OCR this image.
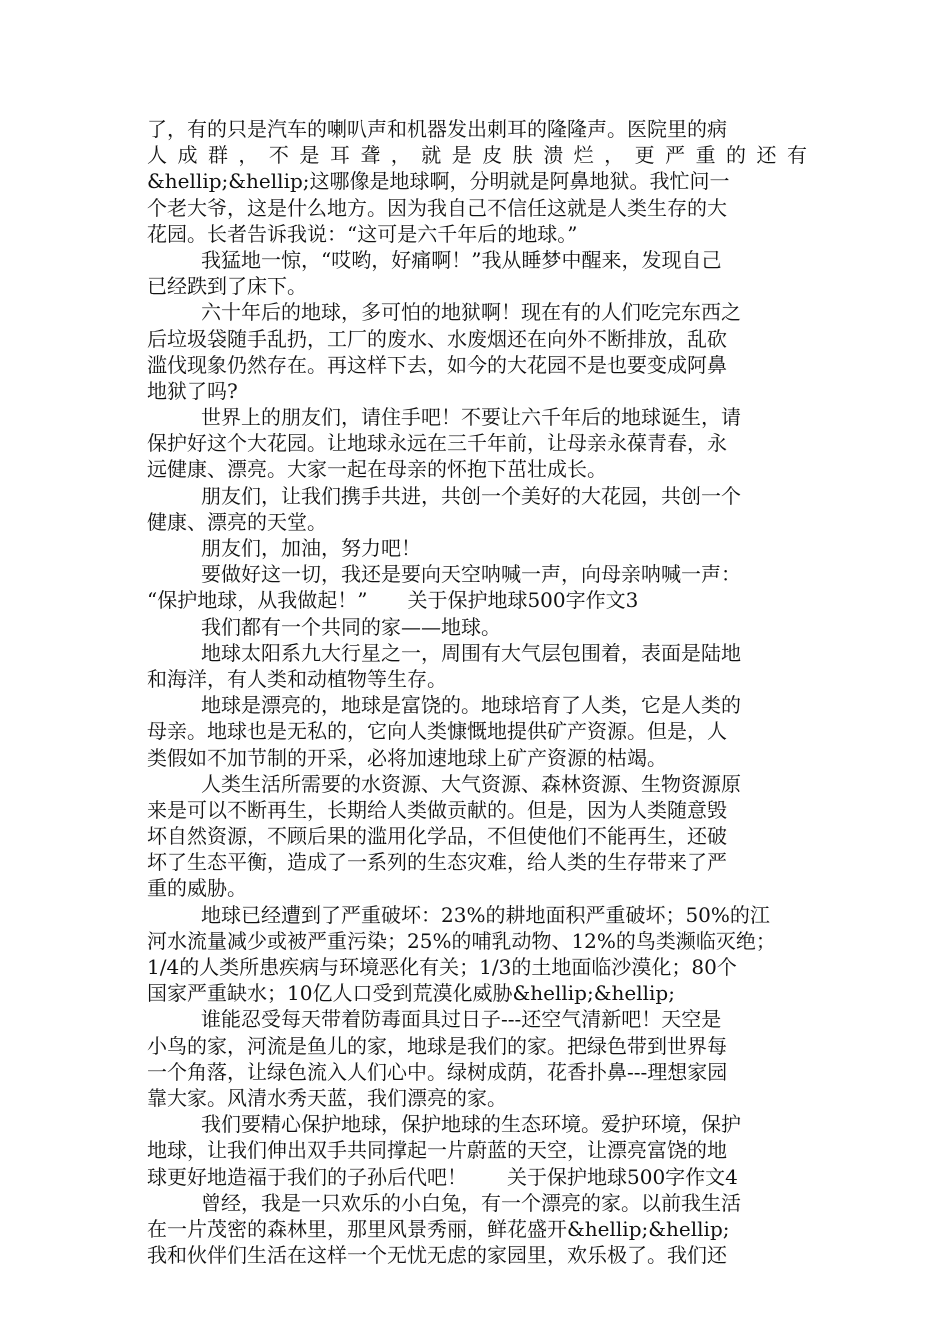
了，有的只是汽车的喇叭声和机器发出刺耳的隆隆声。医院里的病
人成群，不是耳聋，就是皮肤溃烂，更严重的还有
&hellip;&hellip;这哪像是地球啊，分明就是阿鼻地狱。我忙问一
个老大爷，这是什么地方。因为我自己不信任这就是人类生存的大
花园。长者告诉我说：“这可是六千年后的地球。”
我猛地一惊，“哎哟，好痛啊！”我从睡梦中醒来，发现自己
已经跌到了床下。
六十年后的地球，多可怕的地狱啊！现在有的人们吃完东西之
后垃圾袋随手乱扔，工厂的废水、水废烟还在向外不断排放，乱砍
滥伐现象仍然存在。再这样下去，如今的大花园不是也要变成阿鼻
地狱了吗?
世界上的朋友们，请住手吧！不要让六千年后的地球诞生，请
保护好这个大花园。让地球永远在三千年前，让母亲永葆青春，永
远健康、漂亮。大家一起在母亲的怀抱下茁壮成长。
朋友们，让我们携手共进，共创一个美好的大花园，共创一个
健康、漂亮的天堂。
朋友们，加油，努力吧！
要做好这一切，我还是要向天空呐喊一声，向母亲呐喊一声：
“保护地球，从我做起！”　　关于保护地球500字作文3
我们都有一个共同的家——地球。
地球太阳系九大行星之一，周围有大气层包围着，表面是陆地
和海洋，有人类和动植物等生存。
地球是漂亮的，地球是富饶的。地球培育了人类，它是人类的
母亲。地球也是无私的，它向人类慷慨地提供矿产资源。但是，人
类假如不加节制的开采，必将加速地球上矿产资源的枯竭。
人类生活所需要的水资源、大气资源、森林资源、生物资源原
来是可以不断再生，长期给人类做贡献的。但是，因为人类随意毁
坏自然资源，不顾后果的滥用化学品，不但使他们不能再生，还破
坏了生态平衡，造成了一系列的生态灾难，给人类的生存带来了严
重的威胁。
地球已经遭到了严重破坏：23%的耕地面积严重破坏；50%的江
河水流量减少或被严重污染；25%的哺乳动物、12%的鸟类濒临灭绝；
1/4的人类所患疾病与环境恶化有关；1/3的土地面临沙漠化；80个
国家严重缺水；10亿人口受到荒漠化威胁&hellip;&hellip;
谁能忍受每天带着防毒面具过日子---还空气清新吧！天空是
小鸟的家，河流是鱼儿的家，地球是我们的家。把绿色带到世界每
一个角落，让绿色流入人们心中。绿树成荫，花香扑鼻---理想家园
靠大家。风清水秀天蓝，我们漂亮的家。
我们要精心保护地球，保护地球的生态环境。爱护环境，保护
地球，让我们伸出双手共同撑起一片蔚蓝的天空，让漂亮富饶的地
球更好地造福于我们的子孙后代吧！　　关于保护地球500字作文4
曾经，我是一只欢乐的小白兔，有一个漂亮的家。以前我生活
在一片茂密的森林里，那里风景秀丽，鲜花盛开&hellip;&hellip;
我和伙伴们生活在这样一个无忧无虑的家园里，欢乐极了。我们还
